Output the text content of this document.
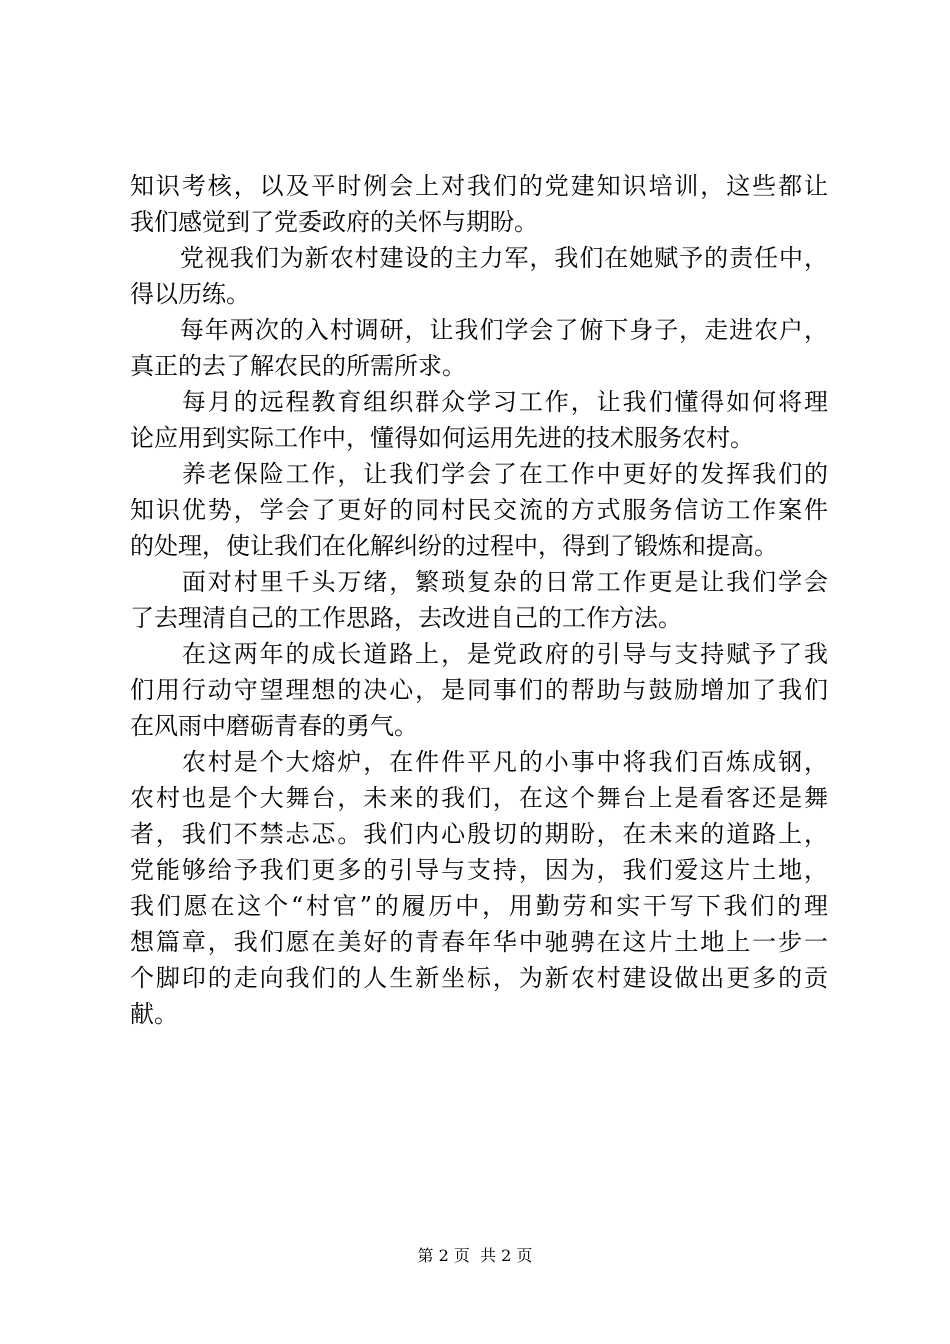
知识考核，以及平时例会上对我们的党建知识培训，这些都让
我们感觉到了党委政府的关怀与期盼。
　　党视我们为新农村建设的主力军，我们在她赋予的责任中，
得以历练。
　　每年两次的入村调研，让我们学会了俯下身子，走进农户，
真正的去了解农民的所需所求。
　　每月的远程教育组织群众学习工作，让我们懂得如何将理
论应用到实际工作中，懂得如何运用先进的技术服务农村。
　　养老保险工作，让我们学会了在工作中更好的发挥我们的
知识优势，学会了更好的同村民交流的方式服务信访工作案件
的处理，使让我们在化解纠纷的过程中，得到了锻炼和提高。
　　面对村里千头万绪，繁琐复杂的日常工作更是让我们学会
了去理清自己的工作思路，去改进自己的工作方法。
　　在这两年的成长道路上，是党政府的引导与支持赋予了我
们用行动守望理想的决心，是同事们的帮助与鼓励增加了我们
在风雨中磨砺青春的勇气。
　　农村是个大熔炉，在件件平凡的小事中将我们百炼成钢，
农村也是个大舞台，未来的我们，在这个舞台上是看客还是舞
者，我们不禁忐忑。我们内心殷切的期盼，在未来的道路上，
党能够给予我们更多的引导与支持，因为，我们爱这片土地，
我们愿在这个“村官”的履历中，用勤劳和实干写下我们的理
想篇章，我们愿在美好的青春年华中驰骋在这片土地上一步一
个脚印的走向我们的人生新坐标，为新农村建设做出更多的贡
献。
第 2 页  共 2 页
